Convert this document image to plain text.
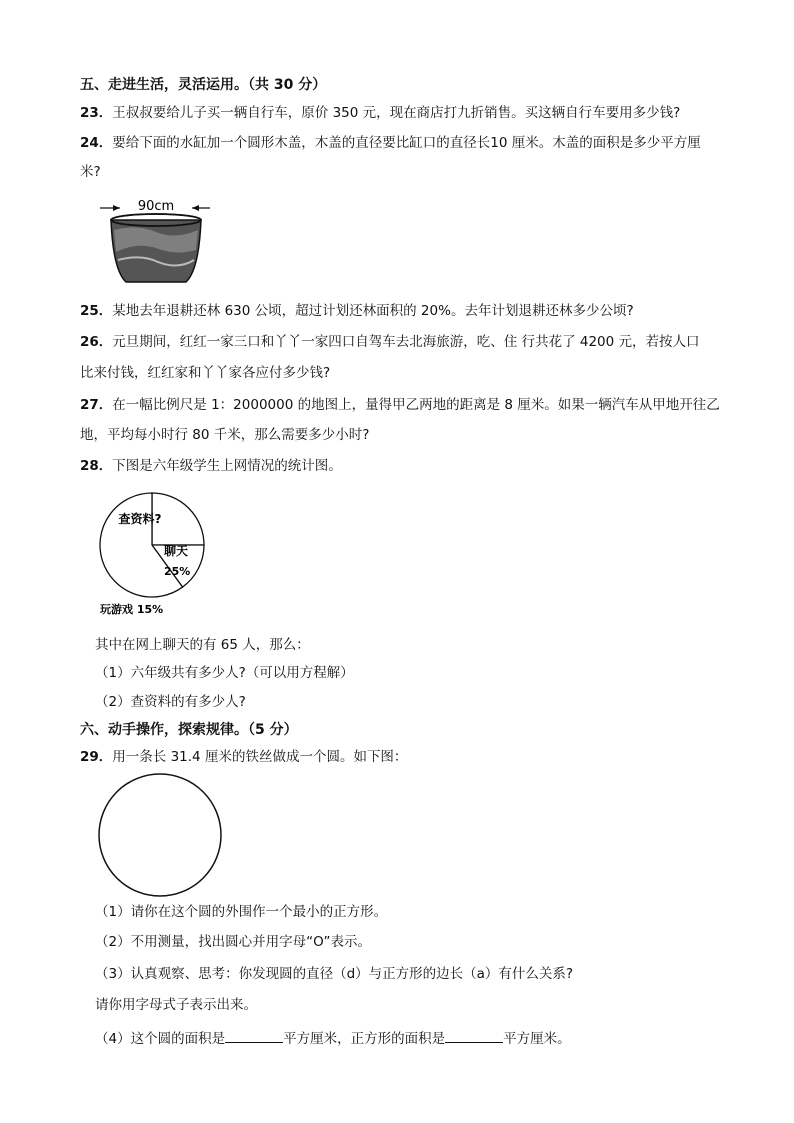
五、走进生活，灵活运用。（共 30 分）
23．王叔叔要给儿子买一辆自行车，原价 350 元，现在商店打九折销售。买这辆自行车要用多少钱?
24．要给下面的水缸加一个圆形木盖，木盖的直径要比缸口的直径长10 厘米。木盖的面积是多少平方厘
米?
90cm
25．某地去年退耕还林 630 公顷，超过计划还林面积的 20%。去年计划退耕还林多少公顷?
26．元旦期间，红红一家三口和丫丫一家四口自驾车去北海旅游，吃、住 行共花了 4200 元，若按人口
比来付钱，红红家和丫丫家各应付多少钱?
27．在一幅比例尺是 1：2000000 的地图上，量得甲乙两地的距离是 8 厘米。如果一辆汽车从甲地开往乙
地，平均每小时行 80 千米，那么需要多少小时?
28．下图是六年级学生上网情况的统计图。
查资料?
聊天
25%
玩游戏 15%
其中在网上聊天的有 65 人，那么：
（1）六年级共有多少人?（可以用方程解）
（2）查资料的有多少人?
六、动手操作，探索规律。（5 分）
29．用一条长 31.4 厘米的铁丝做成一个圆。如下图：
（1）请你在这个圆的外围作一个最小的正方形。
（2）不用测量，找出圆心并用字母“O”表示。
（3）认真观察、思考：你发现圆的直径（d）与正方形的边长（a）有什么关系?
请你用字母式子表示出来。
（4）这个圆的面积是	平方厘米，正方形的面积是	平方厘米。
